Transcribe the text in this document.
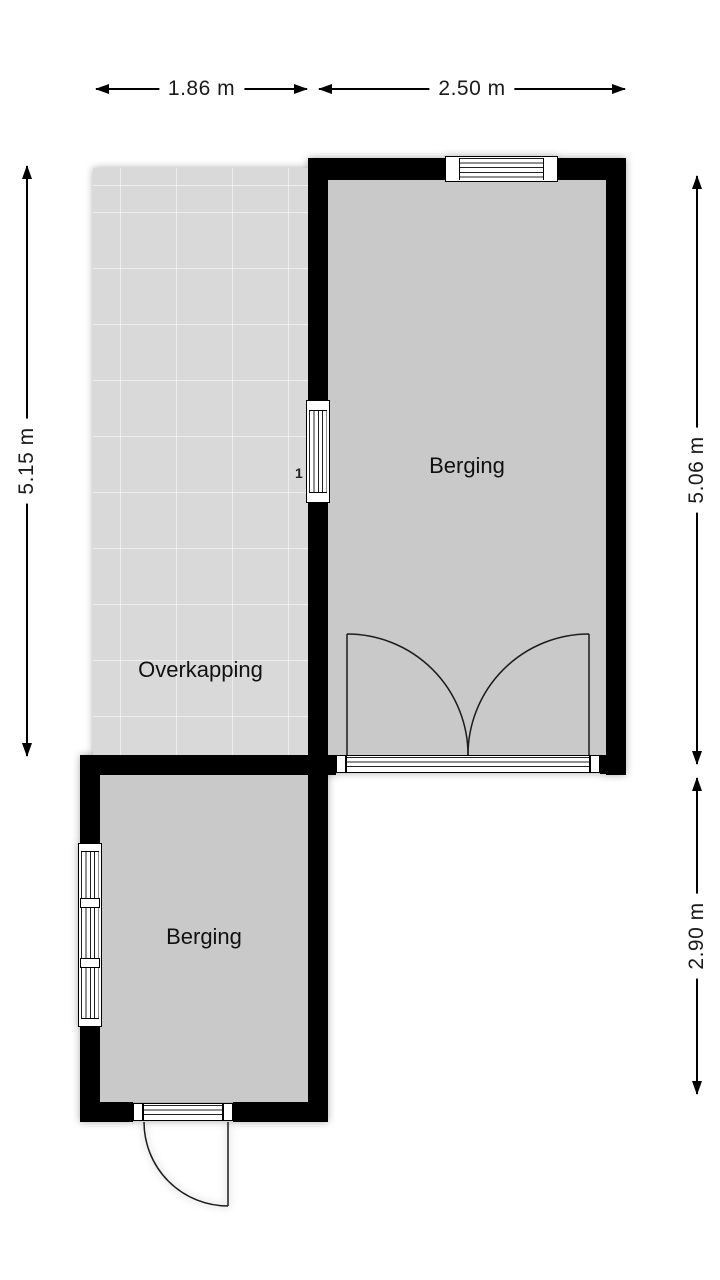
1.86 m	2.50 m
5.15 m	5.06 m
2.90 m
Overkapping
Berging
Berging
1
